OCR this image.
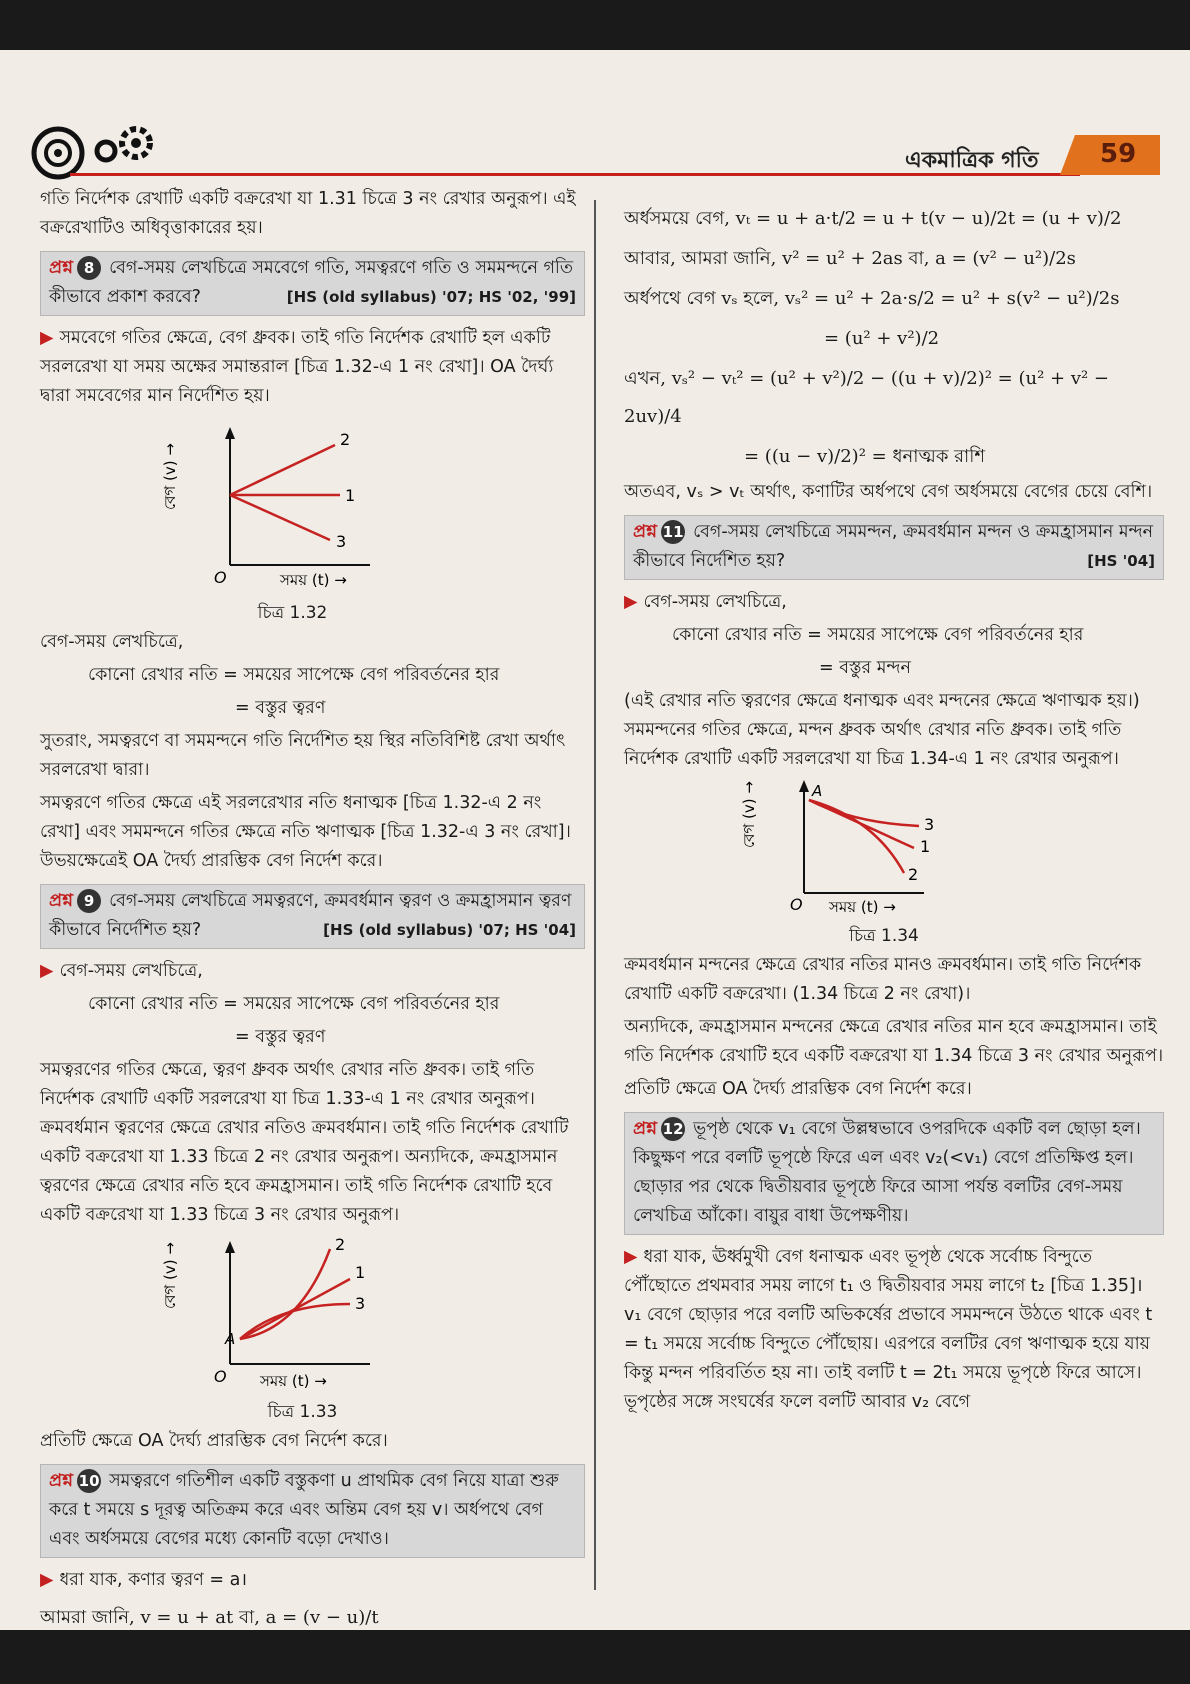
একমাত্রিক গতি 59

গতি নির্দেশক রেখাটি একটি বক্ররেখা যা 1.31 চিত্রে 3 নং রেখার অনুরূপ। এই বক্ররেখাটিও অধিবৃত্তাকারের হয়।

প্রশ্ন 8 বেগ-সময় লেখচিত্রে সমবেগে গতি, সমত্বরণে গতি ও সমমন্দনে গতি কীভাবে প্রকাশ করবে?	[HS (old syllabus) '07; HS '02, '99]

▶ সমবেগে গতির ক্ষেত্রে, বেগ ধ্রুবক। তাই গতি নির্দেশক রেখাটি হল একটি সরলরেখা যা সময় অক্ষের সমান্তরাল [চিত্র 1.32-এ 1 নং রেখা]। OA দৈর্ঘ্য দ্বারা সমবেগের মান নির্দেশিত হয়।

বেগ (v) →
সময় (t) →
O
2
1
3
চিত্র 1.32

বেগ-সময় লেখচিত্রে,

কোনো রেখার নতি = সময়ের সাপেক্ষে বেগ পরিবর্তনের হার

= বস্তুর ত্বরণ

সুতরাং, সমত্বরণে বা সমমন্দনে গতি নির্দেশিত হয় স্থির নতিবিশিষ্ট রেখা অর্থাৎ সরলরেখা দ্বারা।

সমত্বরণে গতির ক্ষেত্রে এই সরলরেখার নতি ধনাত্মক [চিত্র 1.32-এ 2 নং রেখা] এবং সমমন্দনে গতির ক্ষেত্রে নতি ঋণাত্মক [চিত্র 1.32-এ 3 নং রেখা]। উভয়ক্ষেত্রেই OA দৈর্ঘ্য প্রারম্ভিক বেগ নির্দেশ করে।

প্রশ্ন 9 বেগ-সময় লেখচিত্রে সমত্বরণে, ক্রমবর্ধমান ত্বরণ ও ক্রমহ্রাসমান ত্বরণ কীভাবে নির্দেশিত হয়?	[HS (old syllabus) '07; HS '04]

▶ বেগ-সময় লেখচিত্রে,

কোনো রেখার নতি = সময়ের সাপেক্ষে বেগ পরিবর্তনের হার

= বস্তুর ত্বরণ

সমত্বরণের গতির ক্ষেত্রে, ত্বরণ ধ্রুবক অর্থাৎ রেখার নতি ধ্রুবক। তাই গতি নির্দেশক রেখাটি একটি সরলরেখা যা চিত্র 1.33-এ 1 নং রেখার অনুরূপ। ক্রমবর্ধমান ত্বরণের ক্ষেত্রে রেখার নতিও ক্রমবর্ধমান। তাই গতি নির্দেশক রেখাটি একটি বক্ররেখা যা 1.33 চিত্রে 2 নং রেখার অনুরূপ। অন্যদিকে, ক্রমহ্রাসমান ত্বরণের ক্ষেত্রে রেখার নতি হবে ক্রমহ্রাসমান। তাই গতি নির্দেশক রেখাটি হবে একটি বক্ররেখা যা 1.33 চিত্রে 3 নং রেখার অনুরূপ।

বেগ (v) →
সময় (t) →
O
A
2
1
3
চিত্র 1.33

প্রতিটি ক্ষেত্রে OA দৈর্ঘ্য প্রারম্ভিক বেগ নির্দেশ করে।

প্রশ্ন 10 সমত্বরণে গতিশীল একটি বস্তুকণা u প্রাথমিক বেগ নিয়ে যাত্রা শুরু করে t সময়ে s দূরত্ব অতিক্রম করে এবং অন্তিম বেগ হয় v। অর্ধপথে বেগ এবং অর্ধসময়ে বেগের মধ্যে কোনটি বড়ো দেখাও।

▶ ধরা যাক, কণার ত্বরণ = a।

আমরা জানি, v = u + at বা, a = (v − u)/t

অর্ধসময়ে বেগ, vₜ = u + a·t/2 = u + t(v − u)/2t = (u + v)/2

আবার, আমরা জানি, v² = u² + 2as বা, a = (v² − u²)/2s

অর্ধপথে বেগ vₛ হলে, vₛ² = u² + 2a·s/2 = u² + s(v² − u²)/2s

= (u² + v²)/2

এখন, vₛ² − vₜ² = (u² + v²)/2 − ((u + v)/2)² = (u² + v² − 2uv)/4

= ((u − v)/2)² = ধনাত্মক রাশি

অতএব, vₛ > vₜ অর্থাৎ, কণাটির অর্ধপথে বেগ অর্ধসময়ে বেগের চেয়ে বেশি।

প্রশ্ন 11 বেগ-সময় লেখচিত্রে সমমন্দন, ক্রমবর্ধমান মন্দন ও ক্রমহ্রাসমান মন্দন কীভাবে নির্দেশিত হয়?	[HS '04]

▶ বেগ-সময় লেখচিত্রে,

কোনো রেখার নতি = সময়ের সাপেক্ষে বেগ পরিবর্তনের হার

= বস্তুর মন্দন

(এই রেখার নতি ত্বরণের ক্ষেত্রে ধনাত্মক এবং মন্দনের ক্ষেত্রে ঋণাত্মক হয়।) সমমন্দনের গতির ক্ষেত্রে, মন্দন ধ্রুবক অর্থাৎ রেখার নতি ধ্রুবক। তাই গতি নির্দেশক রেখাটি একটি সরলরেখা যা চিত্র 1.34-এ 1 নং রেখার অনুরূপ।

বেগ (v) →
সময় (t) →
O
A
3
1
2
চিত্র 1.34

ক্রমবর্ধমান মন্দনের ক্ষেত্রে রেখার নতির মানও ক্রমবর্ধমান। তাই গতি নির্দেশক রেখাটি একটি বক্ররেখা। (1.34 চিত্রে 2 নং রেখা)।

অন্যদিকে, ক্রমহ্রাসমান মন্দনের ক্ষেত্রে রেখার নতির মান হবে ক্রমহ্রাসমান। তাই গতি নির্দেশক রেখাটি হবে একটি বক্ররেখা যা 1.34 চিত্রে 3 নং রেখার অনুরূপ।

প্রতিটি ক্ষেত্রে OA দৈর্ঘ্য প্রারম্ভিক বেগ নির্দেশ করে।

প্রশ্ন 12 ভূপৃষ্ঠ থেকে v₁ বেগে উল্লম্বভাবে ওপরদিকে একটি বল ছোড়া হল। কিছুক্ষণ পরে বলটি ভূপৃষ্ঠে ফিরে এল এবং v₂(<v₁) বেগে প্রতিক্ষিপ্ত হল। ছোড়ার পর থেকে দ্বিতীয়বার ভূপৃষ্ঠে ফিরে আসা পর্যন্ত বলটির বেগ-সময় লেখচিত্র আঁকো। বায়ুর বাধা উপেক্ষণীয়।

▶ ধরা যাক, ঊর্ধ্বমুখী বেগ ধনাত্মক এবং ভূপৃষ্ঠ থেকে সর্বোচ্চ বিন্দুতে পৌঁছোতে প্রথমবার সময় লাগে t₁ ও দ্বিতীয়বার সময় লাগে t₂ [চিত্র 1.35]। v₁ বেগে ছোড়ার পরে বলটি অভিকর্ষের প্রভাবে সমমন্দনে উঠতে থাকে এবং t = t₁ সময়ে সর্বোচ্চ বিন্দুতে পৌঁছোয়। এরপরে বলটির বেগ ঋণাত্মক হয়ে যায় কিন্তু মন্দন পরিবর্তিত হয় না। তাই বলটি t = 2t₁ সময়ে ভূপৃষ্ঠে ফিরে আসে। ভূপৃষ্ঠের সঙ্গে সংঘর্ষের ফলে বলটি আবার v₂ বেগে
